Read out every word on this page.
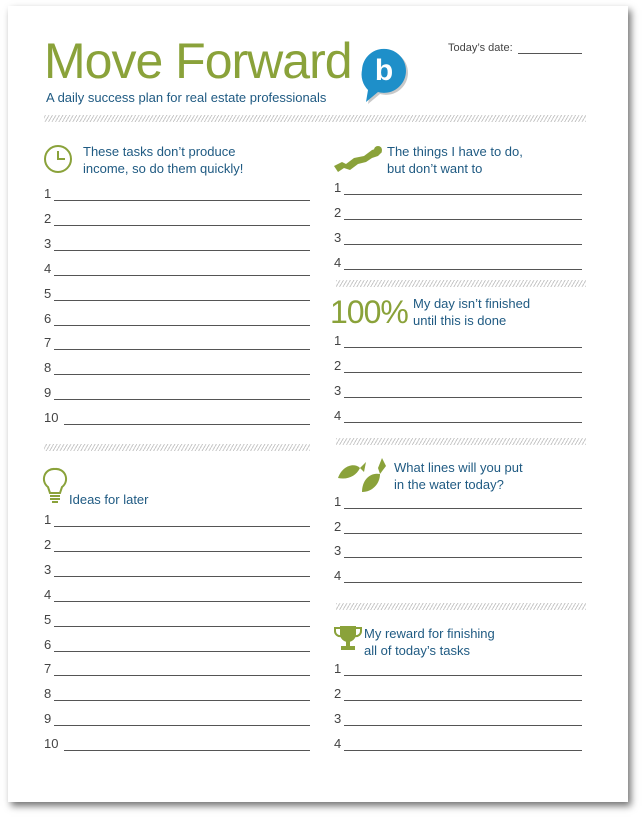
Move Forward
A daily success plan for real estate professionals
b
Today’s date:
These tasks don’t produce
income, so do them quickly!
1
2
3
4
5
6
7
8
9
10
Ideas for later
1
2
3
4
5
6
7
8
9
10
The things I have to do,
but don’t want to
1
2
3
4
100% My day isn’t finished
until this is done
1
2
3
4
What lines will you put
in the water today?
1
2
3
4
My reward for finishing
all of today’s tasks
1
2
3
4
